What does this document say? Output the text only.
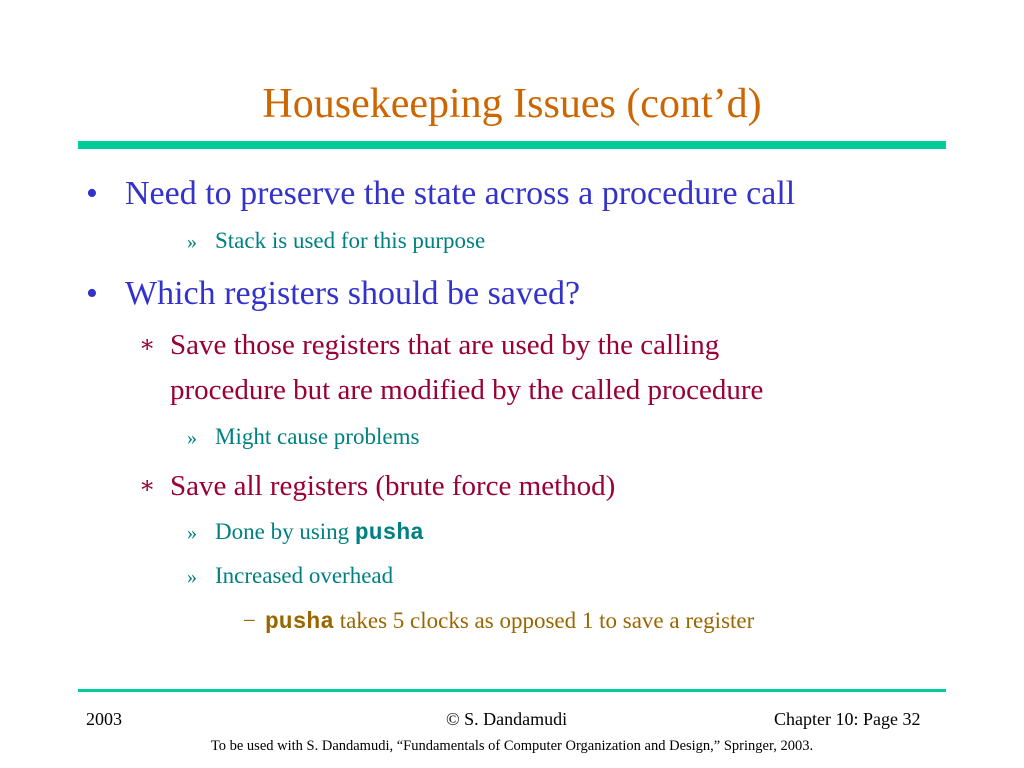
Housekeeping Issues (cont’d)
• Need to preserve the state across a procedure call
» Stack is used for this purpose
• Which registers should be saved?
∗ Save those registers that are used by the calling
procedure but are modified by the called procedure
» Might cause problems
∗ Save all registers (brute force method)
» Done by using pusha
» Increased overhead
− pusha takes 5 clocks as opposed 1 to save a register
2003	© S. Dandamudi	Chapter 10: Page 32
To be used with S. Dandamudi, “Fundamentals of Computer Organization and Design,” Springer, 2003.
